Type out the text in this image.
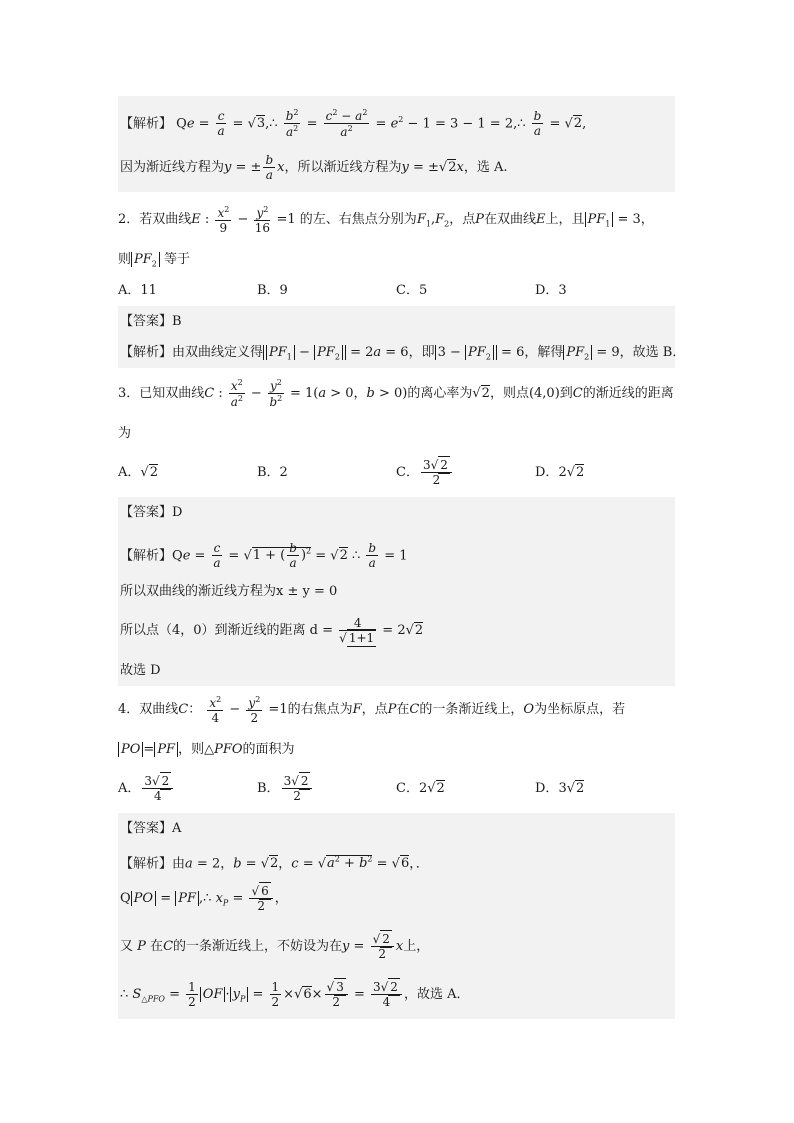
【解析】 $Qe = \frac{c}{a}$ = √3,∴ $\frac{b^2}{a^2} = \frac{c^2 - a^2}{a^2} = e^2 - 1 = 3 - 1$ = 2,∴ $\frac{b}{a} = √2$,
因为渐近线方程为y = ± $\frac{b}{a}$ x，所以渐近线方程为y = ±√2x，选 A.
2．若双曲线E : $\frac{x^2}{9} - \frac{y^2}{16} =1$ 的左、右焦点分别为$F_1,F_2$，点P在双曲线E上，且 $PF_1 = 3$，
则 $PF_2$ 等于
A．11	B．9	C．5	D．3
【答案】B
【解析】由双曲线定义得 $PF_1 - PF_2 = 2a = 6$，即 $3 - PF_2 = 6$，解得 $PF_2 = 9$，故选 B．
3．已知双曲线C : $\frac{x^2}{a^2} - \frac{y^2}{b^2} = 1(a > 0$，b > 0)的离心率为√2，则点(4,0)到C的渐近线的距离
为
A．√2	B．2	C． $\frac{3√ 2}{2}$	D．2√2
【答案】D
【解析】$Qe = \frac{c}{a} = √1$ + ( $\frac{b}{a} )^2 = √2$ ∴ $\frac{b}{a} = 1$
所以双曲线的渐近线方程为x ± y = 0
所以点（4，0）到渐近线的距离 $d = \frac{4}{√ 1+1} = 2√2$
故选 D
4．双曲线C： $\frac{x^2}{4} - \frac{y^2}{2} =1$的右焦点为F，点P在C的一条渐近线上，O为坐标原点，若
PO = PF ，则△PFO的面积为
A． $\frac{3√ 2}{4}$	B． $\frac{3√ 2}{2}$	C．2√2	D．3√2
【答案】A
【解析】由a = 2，b = √2，$c = √a^2 + b^2 = √6$，．
Q PO = PF ,∴ $x_P = \frac{√ 6}{2}$ ，
又 P 在C的一条渐近线上，不妨设为在$y = \frac{√ 2}{2}$ x上，
∴ $S_{\triangle PFO} = \frac{1}{2}$ OF · $y_P = \frac{1}{2} \times√6\times \frac{√ 3}{2} = \frac{3√ 2}{4}$ ，故选 A．
